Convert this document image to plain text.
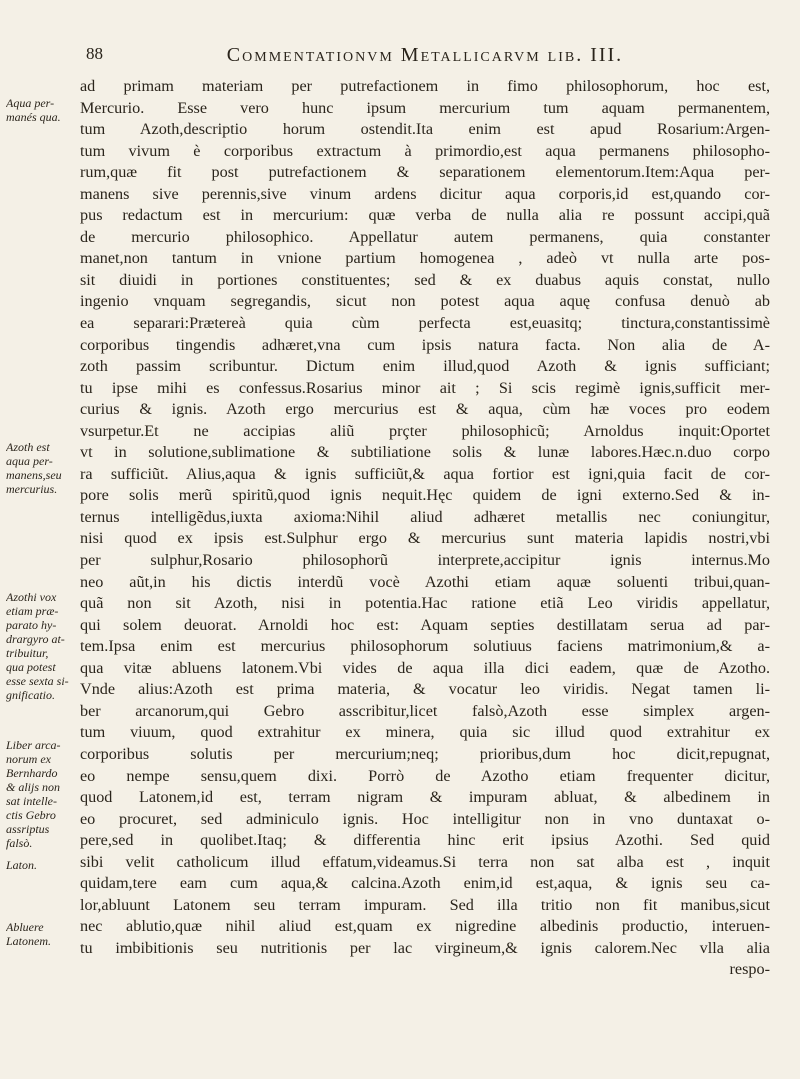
88	Commentationvm Metallicarvm lib. III.
Aqua per-
manés qua.
Azoth est
aqua per-
manens,seu
mercurius.
Azothi vox
etiam præ-
parato hy-
drargyro at-
tribuitur,
qua potest
esse sexta si-
gnificatio.
Liber arca-
norum ex
Bernhardo
& alijs non
sat intelle-
ctis Gebro
assriptus
falsò.
Laton.
Abluere
Latonem.
ad primam materiam per putrefactionem in fimo philosophorum, hoc est,
Mercurio. Esse vero hunc ipsum mercurium tum aquam permanentem,
tum Azoth,descriptio horum ostendit.Ita enim est apud Rosarium:Argen-
tum vivum è corporibus extractum à primordio,est aqua permanens philosopho-
rum,quæ fit post putrefactionem & separationem elementorum.Item:Aqua per-
manens sive perennis,sive vinum ardens dicitur aqua corporis,id est,quando cor-
pus redactum est in mercurium: quæ verba de nulla alia re possunt accipi,quã
de mercurio philosophico. Appellatur autem permanens, quia constanter
manet,non tantum in vnione partium homogenea , adeò vt nulla arte pos-
sit diuidi in portiones constituentes; sed & ex duabus aquis constat, nullo
ingenio vnquam segregandis, sicut non potest aqua aquę confusa denuò ab
ea separari:Prætereà quia cùm perfecta est,euasitq; tinctura,constantissimè
corporibus tingendis adhæret,vna cum ipsis natura facta. Non alia de A-
zoth passim scribuntur. Dictum enim illud,quod Azoth & ignis sufficiant;
tu ipse mihi es confessus.Rosarius minor ait ; Si scis regimè ignis,sufficit mer-
curius & ignis. Azoth ergo mercurius est & aqua, cùm hæ voces pro eodem
vsurpetur.Et ne accipias aliũ prçter philosophicũ; Arnoldus inquit:Oportet
vt in solutione,sublimatione & subtiliatione solis & lunæ labores.Hæc.n.duo corpo
ra sufficiũt. Alius,aqua & ignis sufficiũt,& aqua fortior est igni,quia facit de cor-
pore solis merũ spiritũ,quod ignis nequit.Hęc quidem de igni externo.Sed & in-
ternus intelligẽdus,iuxta axioma:Nihil aliud adhæret metallis nec coniungitur,
nisi quod ex ipsis est.Sulphur ergo & mercurius sunt materia lapidis nostri,vbi
per sulphur,Rosario philosophorũ interprete,accipitur ignis internus.Mo
neo aũt,in his dictis interdũ vocè Azothi etiam aquæ soluenti tribui,quan-
quã non sit Azoth, nisi in potentia.Hac ratione etiã Leo viridis appellatur,
qui solem deuorat. Arnoldi hoc est: Aquam septies destillatam serua ad par-
tem.Ipsa enim est mercurius philosophorum solutiuus faciens matrimonium,& a-
qua vitæ abluens latonem.Vbi vides de aqua illa dici eadem, quæ de Azotho.
Vnde alius:Azoth est prima materia, & vocatur leo viridis. Negat tamen li-
ber arcanorum,qui Gebro asscribitur,licet falsò,Azoth esse simplex argen-
tum viuum, quod extrahitur ex minera, quia sic illud quod extrahitur ex
corporibus solutis per mercurium;neq; prioribus,dum hoc dicit,repugnat,
eo nempe sensu,quem dixi. Porrò de Azotho etiam frequenter dicitur,
quod Latonem,id est, terram nigram & impuram abluat, & albedinem in
eo procuret, sed adminiculo ignis. Hoc intelligitur non in vno duntaxat o-
pere,sed in quolibet.Itaq; & differentia hinc erit ipsius Azothi. Sed quid
sibi velit catholicum illud effatum,videamus.Si terra non sat alba est , inquit
quidam,tere eam cum aqua,& calcina.Azoth enim,id est,aqua, & ignis seu ca-
lor,abluunt Latonem seu terram impuram. Sed illa tritio non fit manibus,sicut
nec ablutio,quæ nihil aliud est,quam ex nigredine albedinis productio, interuen-
tu imbibitionis seu nutritionis per lac virgineum,& ignis calorem.Nec vlla alia
respo-
